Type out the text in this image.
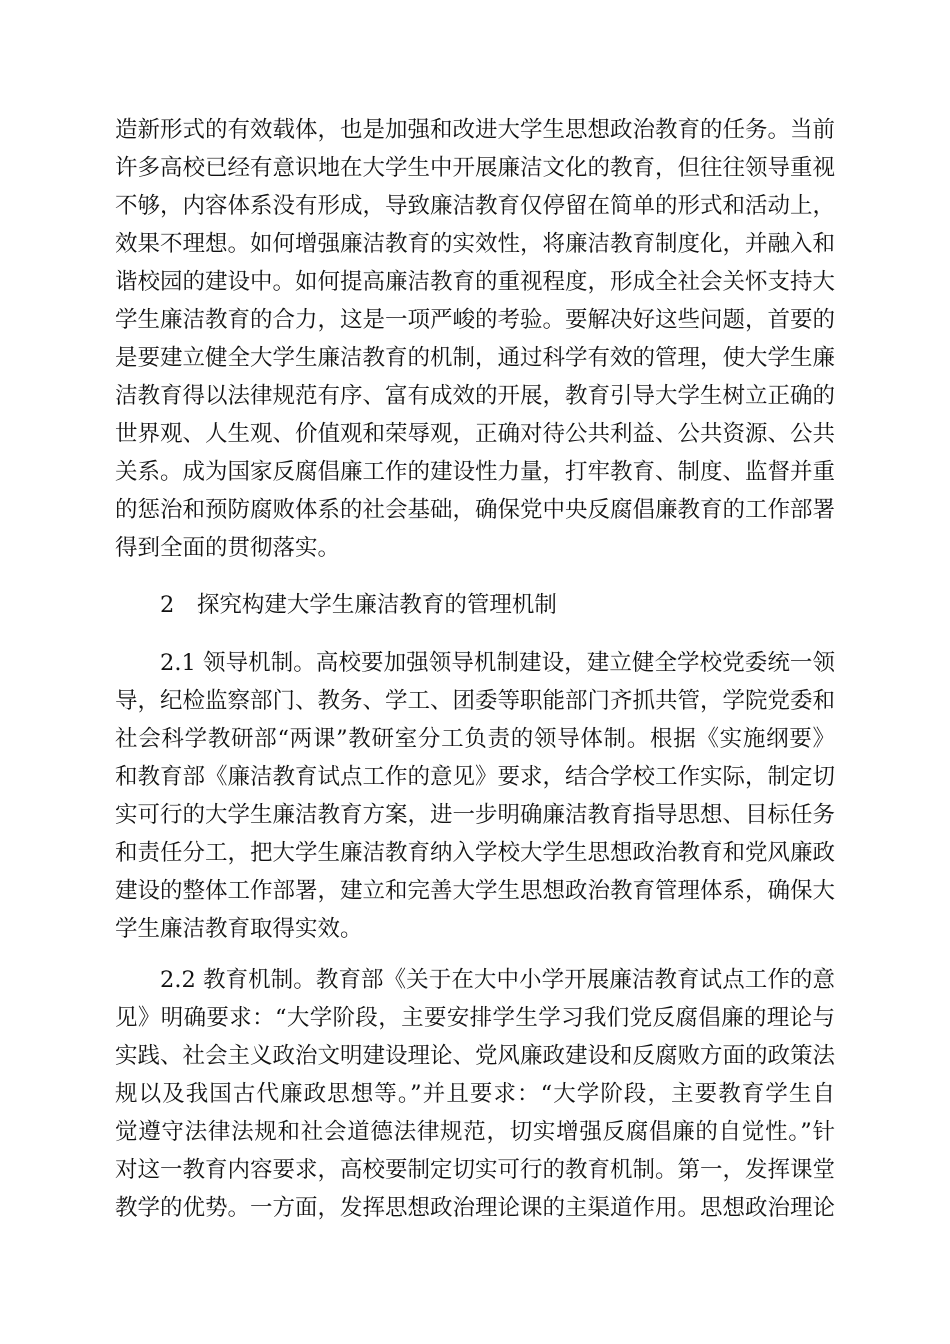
造新形式的有效载体，也是加强和改进大学生思想政治教育的任务。当前
许多高校已经有意识地在大学生中开展廉洁文化的教育，但往往领导重视
不够，内容体系没有形成，导致廉洁教育仅停留在简单的形式和活动上，
效果不理想。如何增强廉洁教育的实效性，将廉洁教育制度化，并融入和
谐校园的建设中。如何提高廉洁教育的重视程度，形成全社会关怀支持大
学生廉洁教育的合力，这是一项严峻的考验。要解决好这些问题，首要的
是要建立健全大学生廉洁教育的机制，通过科学有效的管理，使大学生廉
洁教育得以法律规范有序、富有成效的开展，教育引导大学生树立正确的
世界观、人生观、价值观和荣辱观，正确对待公共利益、公共资源、公共
关系。成为国家反腐倡廉工作的建设性力量，打牢教育、制度、监督并重
的惩治和预防腐败体系的社会基础，确保党中央反腐倡廉教育的工作部署
得到全面的贯彻落实。
2　探究构建大学生廉洁教育的管理机制
2.1 领导机制。高校要加强领导机制建设，建立健全学校党委统一领
导，纪检监察部门、教务、学工、团委等职能部门齐抓共管，学院党委和
社会科学教研部“两课”教研室分工负责的领导体制。根据《实施纲要》
和教育部《廉洁教育试点工作的意见》要求，结合学校工作实际，制定切
实可行的大学生廉洁教育方案，进一步明确廉洁教育指导思想、目标任务
和责任分工，把大学生廉洁教育纳入学校大学生思想政治教育和党风廉政
建设的整体工作部署，建立和完善大学生思想政治教育管理体系，确保大
学生廉洁教育取得实效。
2.2 教育机制。教育部《关于在大中小学开展廉洁教育试点工作的意
见》明确要求：“大学阶段，主要安排学生学习我们党反腐倡廉的理论与
实践、社会主义政治文明建设理论、党风廉政建设和反腐败方面的政策法
规以及我国古代廉政思想等。”并且要求：“大学阶段，主要教育学生自
觉遵守法律法规和社会道德法律规范，切实增强反腐倡廉的自觉性。”针
对这一教育内容要求，高校要制定切实可行的教育机制。第一，发挥课堂
教学的优势。一方面，发挥思想政治理论课的主渠道作用。思想政治理论
